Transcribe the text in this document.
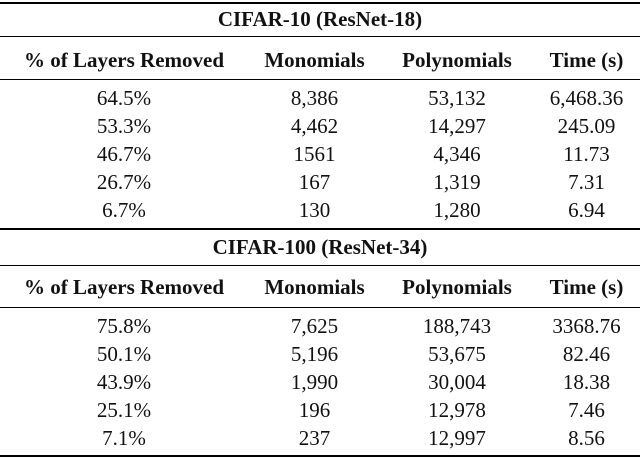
CIFAR-10 (ResNet-18)
% of Layers Removed	Monomials	Polynomials	Time (s)
64.5%	8,386	53,132	6,468.36
53.3%	4,462	14,297	245.09
46.7%	1561	4,346	11.73
26.7%	167	1,319	7.31
6.7%	130	1,280	6.94
CIFAR-100 (ResNet-34)
% of Layers Removed	Monomials	Polynomials	Time (s)
75.8%	7,625	188,743	3368.76
50.1%	5,196	53,675	82.46
43.9%	1,990	30,004	18.38
25.1%	196	12,978	7.46
7.1%	237	12,997	8.56
